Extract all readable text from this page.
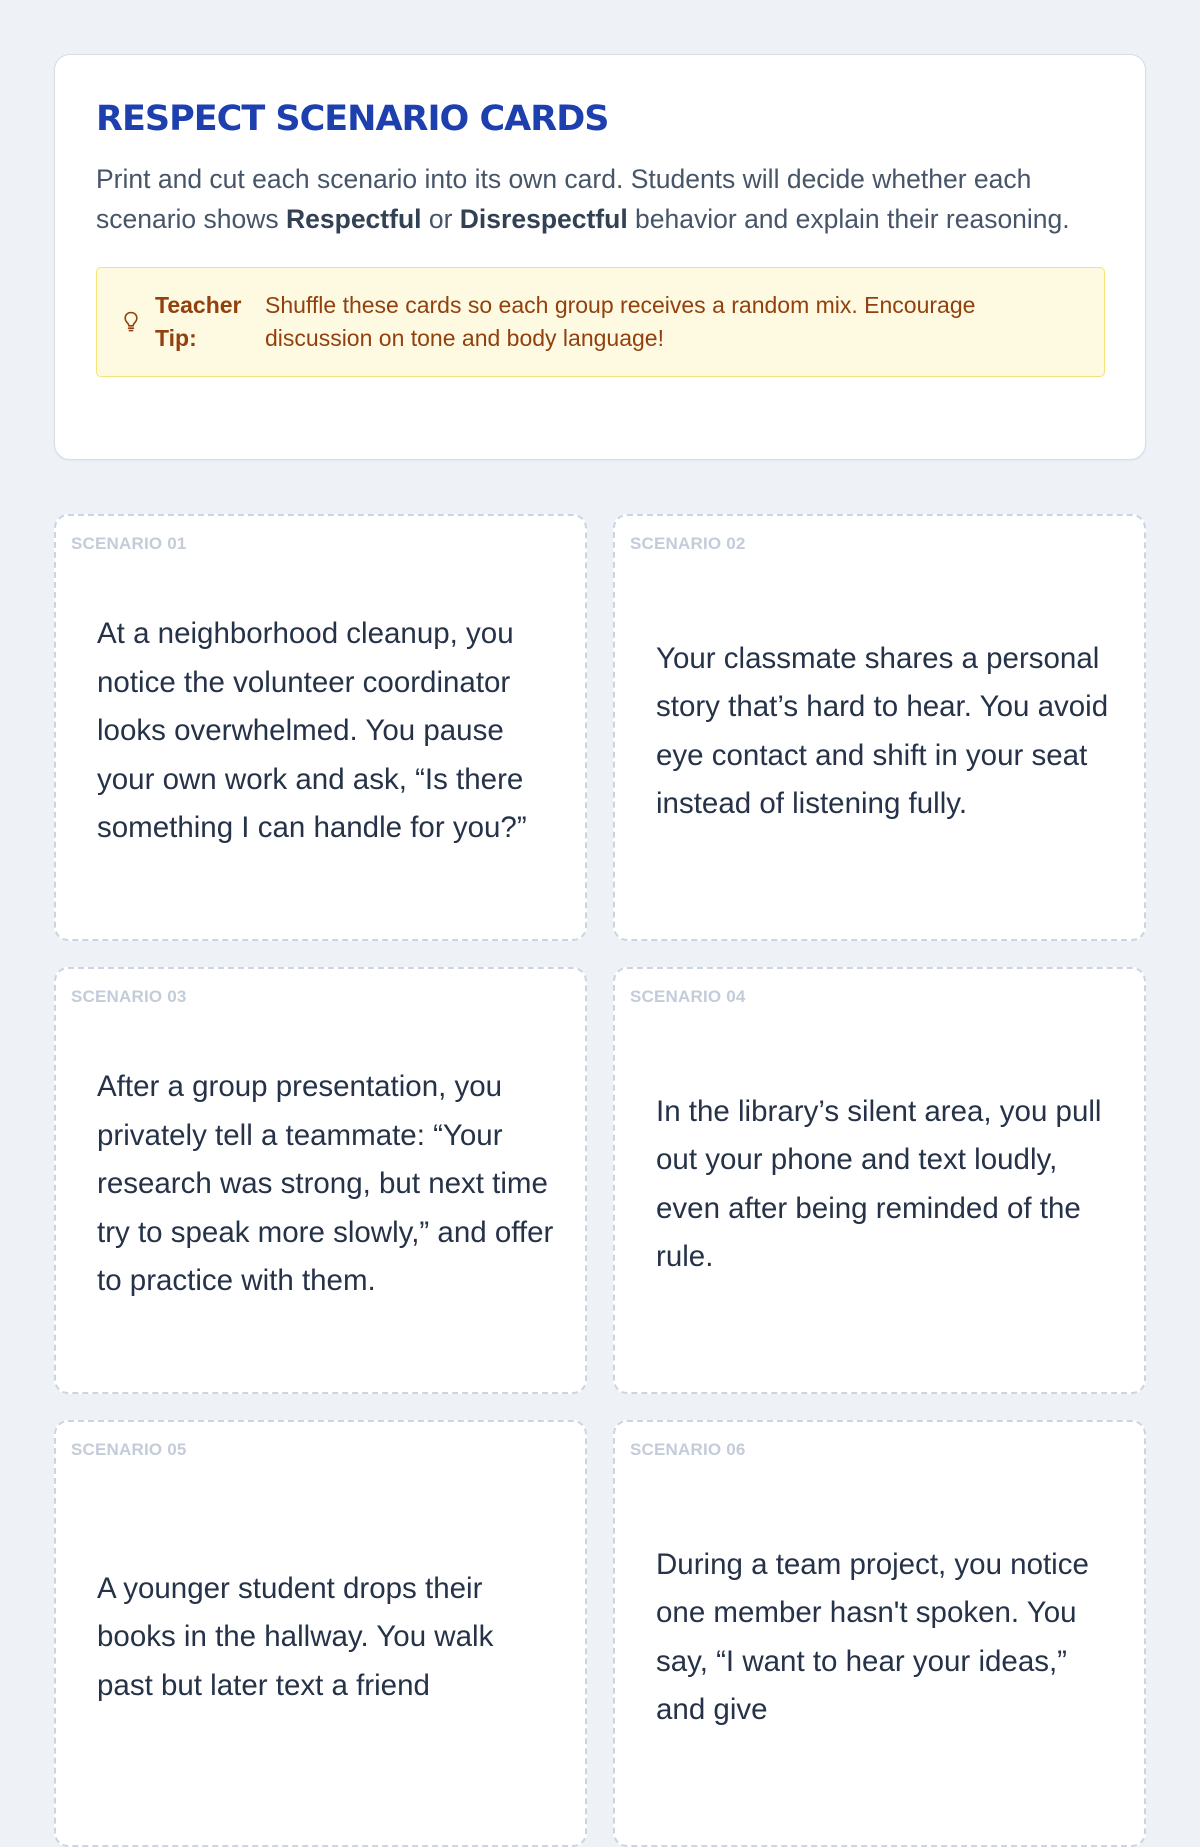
RESPECT SCENARIO CARDS

Print and cut each scenario into its own card. Students will decide whether each scenario shows Respectful or Disrespectful behavior and explain their reasoning.

Teacher Tip:
Shuffle these cards so each group receives a random mix. Encourage discussion on tone and body language!
SCENARIO 01

At a neighborhood cleanup, you notice the volunteer coordinator looks overwhelmed. You pause your own work and ask, “Is there something I can handle for you?”

SCENARIO 02

Your classmate shares a personal story that’s hard to hear. You avoid eye contact and shift in your seat instead of listening fully.

SCENARIO 03

After a group presentation, you privately tell a teammate: “Your research was strong, but next time try to speak more slowly,” and offer to practice with them.

SCENARIO 04

In the library’s silent area, you pull out your phone and text loudly, even after being reminded of the rule.

SCENARIO 05

A younger student drops their books in the hallway. You walk past but later text a friend

SCENARIO 06

During a team project, you notice one member hasn't spoken. You say, “I want to hear your ideas,” and give
